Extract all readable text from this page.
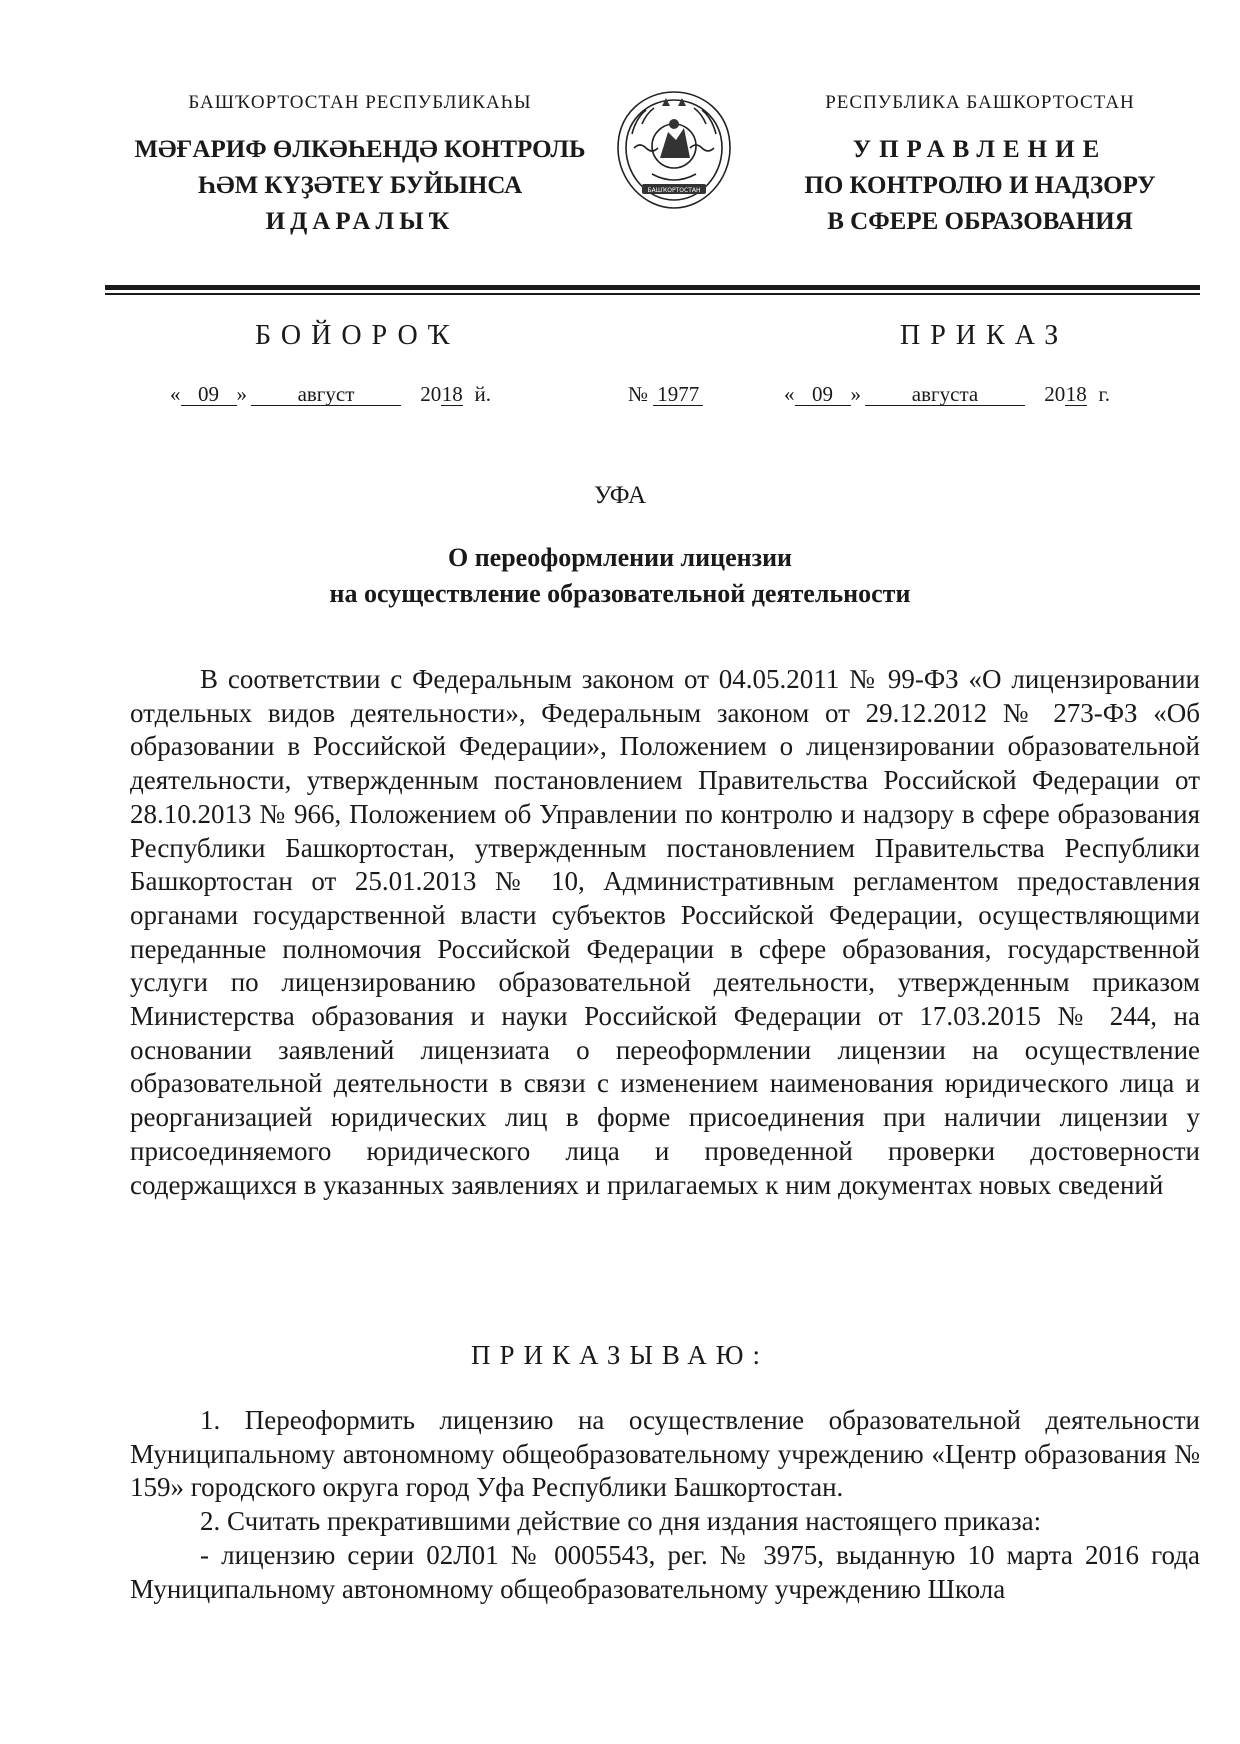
БАШҠОРТОСТАН РЕСПУБЛИКАҺЫ
МӘҒАРИФ ӨЛКӘҺЕНДӘ КОНТРОЛЬ
ҺӘМ КҮҘӘТЕҮ БУЙЫНСА
ИДАРАЛЫҠ
БАШҠОРТОСТАН
РЕСПУБЛИКА БАШКОРТОСТАН
УПРАВЛЕНИЕ
ПО КОНТРОЛЮ И НАДЗОРУ
В СФЕРЕ ОБРАЗОВАНИЯ
БОЙОРОҠ	ПРИКАЗ
« 09 » август	2018 й.	№ 1977	« 09 » августа	2018 г.
УФА
О переоформлении лицензии
на осуществление образовательной деятельности

В соответствии с Федеральным законом от 04.05.2011 № 99-ФЗ «О лицензировании отдельных видов деятельности», Федеральным законом от 29.12.2012 № 273-ФЗ «Об образовании в Российской Федерации», Положением о лицензировании образовательной деятельности, утвержденным постановлением Правительства Российской Федерации от 28.10.2013 № 966, Положением об Управлении по контролю и надзору в сфере образования Республики Башкортостан, утвержденным постановлением Правительства Республики Башкортостан от 25.01.2013 № 10, Административным регламентом предоставления органами государственной власти субъектов Российской Федерации, осуществляющими переданные полномочия Российской Федерации в сфере образования, государственной услуги по лицензированию образовательной деятельности, утвержденным приказом Министерства образования и науки Российской Федерации от 17.03.2015 № 244, на основании заявлений лицензиата о переоформлении лицензии на осуществление образовательной деятельности в связи с изменением наименования юридического лица и реорганизацией юридических лиц в форме присоединения при наличии лицензии у присоединяемого юридического лица и проведенной проверки достоверности содержащихся в указанных заявлениях и прилагаемых к ним документах новых сведений

ПРИКАЗЫВАЮ:

1. Переоформить лицензию на осуществление образовательной деятельности Муниципальному автономному общеобразовательному учреждению «Центр образования № 159» городского округа город Уфа Республики Башкортостан.

2. Считать прекратившими действие со дня издания настоящего приказа:

- лицензию серии 02Л01 № 0005543, рег. № 3975, выданную 10 марта 2016 года Муниципальному автономному общеобразовательному учреждению Школа
